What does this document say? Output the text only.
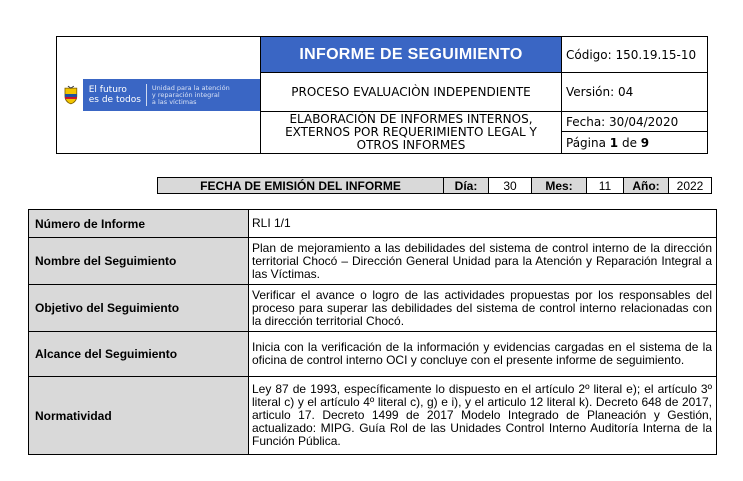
El futuro
es de todos
Unidad para la atención
y reparación integral
a las víctimas	INFORME DE SEGUIMIENTO	Código: 150.19.15-10
	PROCESO EVALUACIÒN INDEPENDIENTE	Versión: 04
	ELABORACIÓN DE INFORMES INTERNOS, EXTERNOS POR REQUERIMIENTO LEGAL Y OTROS INFORMES	Fecha: 30/04/2020
		Página 1 de 9
FECHA DE EMISIÓN DEL INFORME	Día:	30	Mes:	11	Año:	2022
Número de Informe	RLI 1/1
Nombre del Seguimiento	Plan de mejoramiento a las debilidades del sistema de control interno de la dirección territorial Chocó – Dirección General Unidad para la Atención y Reparación Integral a las Víctimas.
Objetivo del Seguimiento	Verificar el avance o logro de las actividades propuestas por los responsables del proceso para superar las debilidades del sistema de control interno relacionadas con la dirección territorial Chocó.
Alcance del Seguimiento	Inicia con la verificación de la información y evidencias cargadas en el sistema de la oficina de control interno OCI y concluye con el presente informe de seguimiento.
Normatividad	Ley 87 de 1993, específicamente lo dispuesto en el artículo 2º literal e); el artículo 3º literal c) y el artículo 4º literal c), g) e i), y el articulo 12 literal k). Decreto 648 de 2017, articulo 17. Decreto 1499 de 2017 Modelo Integrado de Planeación y Gestión, actualizado: MIPG. Guía Rol de las Unidades Control Interno Auditoría Interna de la Función Pública.
